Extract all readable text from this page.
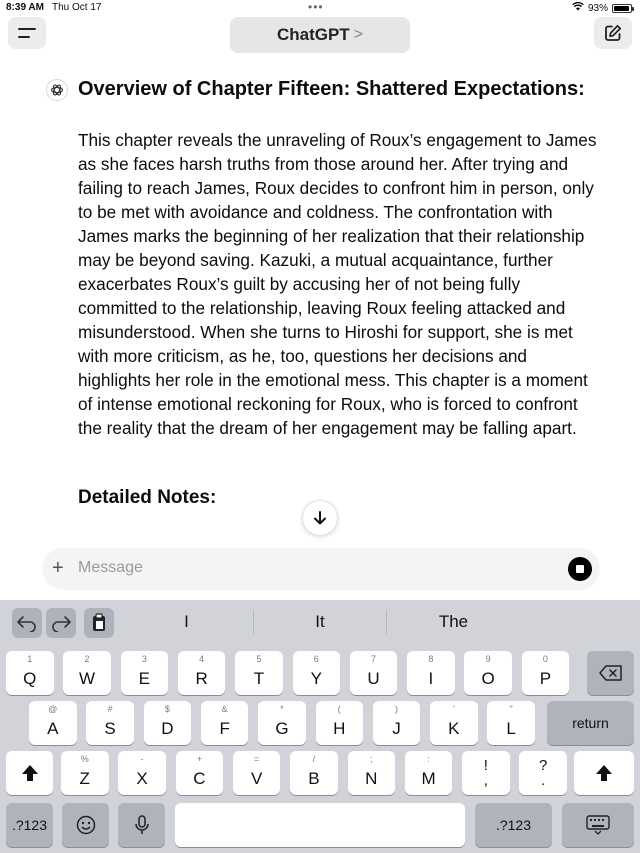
8:39 AM Thu Oct 17	•••	93%
ChatGPT >
Overview of Chapter Fifteen: Shattered Expectations:
This chapter reveals the unraveling of Roux’s engagement to James as she faces harsh truths from those around her. After trying and failing to reach James, Roux decides to confront him in person, only to be met with avoidance and coldness. The confrontation with James marks the beginning of her realization that their relationship may be beyond saving. Kazuki, a mutual acquaintance, further exacerbates Roux’s guilt by accusing her of not being fully committed to the relationship, leaving Roux feeling attacked and misunderstood. When she turns to Hiroshi for support, she is met with more criticism, as he, too, questions her decisions and highlights her role in the emotional mess. This chapter is a moment of intense emotional reckoning for Roux, who is forced to confront the reality that the dream of her engagement may be falling apart.
Detailed Notes:
+ Message
I	It	The
1
Q
2
W
3
E
4
R
5
T
6
Y
7
U
8
I
9
O
0
P
@
A
#
S
$
D
&
F
*
G
(
H
)
J
’
K
"
L
%
Z
-
X
+
C
=
V
/
B
;
N
:
M
!
,
?
.
return
.?123	.?123
